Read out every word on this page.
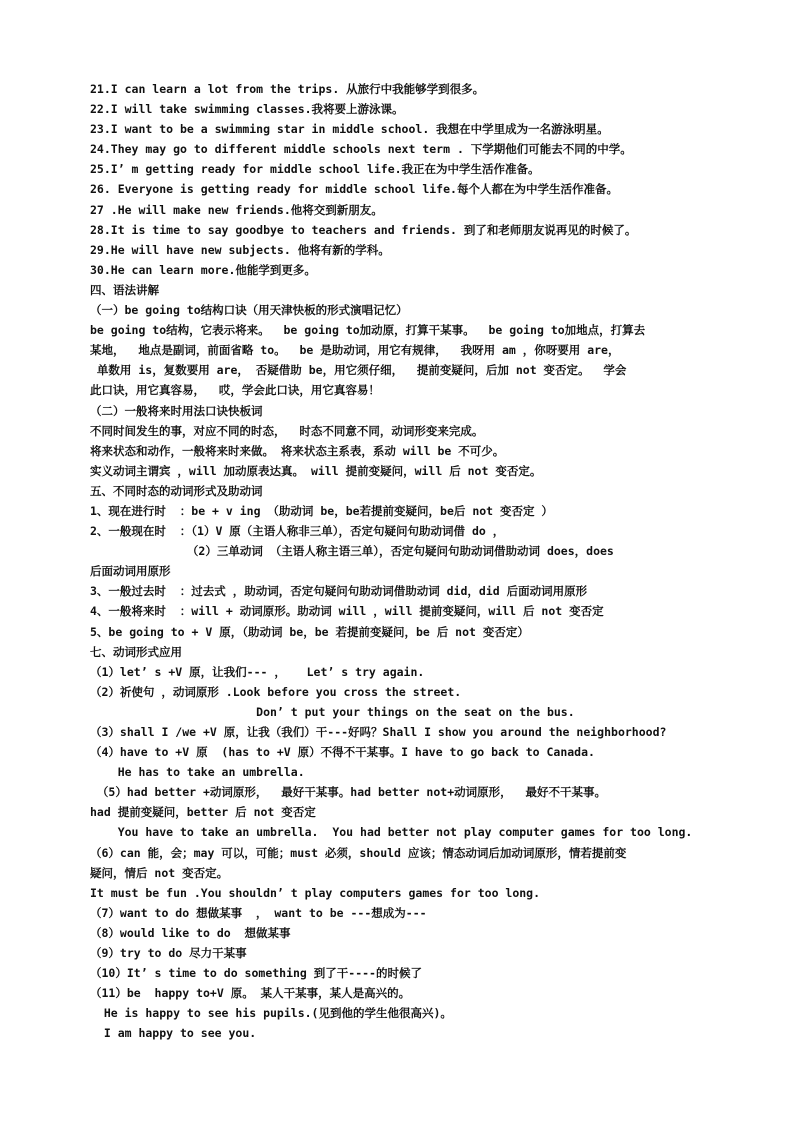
21.I can learn a lot from the trips. 从旅行中我能够学到很多。
22.I will take swimming classes.我将要上游泳课。
23.I want to be a swimming star in middle school. 我想在中学里成为一名游泳明星。
24.They may go to different middle schools next term . 下学期他们可能去不同的中学。
25.I’ m getting ready for middle school life.我正在为中学生活作准备。
26. Everyone is getting ready for middle school life.每个人都在为中学生活作准备。
27 .He will make new friends.他将交到新朋友。
28.It is time to say goodbye to teachers and friends. 到了和老师朋友说再见的时候了。
29.He will have new subjects. 他将有新的学科。
30.He can learn more.他能学到更多。
四、语法讲解
（一）be going to结构口诀（用天津快板的形式演唱记忆）
be going to结构，它表示将来。  be going to加动原，打算干某事。  be going to加地点，打算去
某地，  地点是副词，前面省略 to。  be 是助动词，用它有规律，  我呀用 am ，你呀要用 are，
单数用 is，复数要用 are， 否疑借助 be，用它须仔细，  提前变疑问，后加 not 变否定。  学会
此口诀，用它真容易，  哎，学会此口诀，用它真容易！
（二）一般将来时用法口诀快板词
不同时间发生的事，对应不同的时态，  时态不同意不同，动词形变来完成。
将来状态和动作，一般将来时来做。 将来状态主系表，系动 will be 不可少。
实义动词主谓宾 ，will 加动原表达真。 will 提前变疑问，will 后 not 变否定。
五、不同时态的动词形式及助动词
1、现在进行时  ：be + v ing （助动词 be，be若提前变疑问，be后 not 变否定 ）
2、一般现在时  ：（1）V 原（主语人称非三单），否定句疑问句助动词借 do ，
（2）三单动词 （主语人称主语三单），否定句疑问句助动词借助动词 does，does
后面动词用原形
3、一般过去时  ：过去式 ，助动词，否定句疑问句助动词借助动词 did，did 后面动词用原形
4、一般将来时  ：will + 动词原形。助动词 will ，will 提前变疑问，will 后 not 变否定
5、be going to + V 原，（助动词 be，be 若提前变疑问，be 后 not 变否定）
七、动词形式应用
（1）let’ s +V 原，让我们--- ，   Let’ s try again.
（2）祈使句 ，动词原形 .Look before you cross the street.
Don’ t put your things on the seat on the bus.
（3）shall I /we +V 原，让我（我们）干---好吗？Shall I show you around the neighborhood?
（4）have to +V 原  (has to +V 原）不得不干某事。I have to go back to Canada.
He has to take an umbrella.
（5）had better +动词原形，  最好干某事。had better not+动词原形，  最好不干某事。
had 提前变疑问，better 后 not 变否定
You have to take an umbrella.  You had better not play computer games for too long.
（6）can 能，会；may 可以，可能；must 必须，should 应该；情态动词后加动词原形，情若提前变
疑问，情后 not 变否定。
It must be fun .You shouldn’ t play computers games for too long.
（7）want to do 想做某事  ， want to be ---想成为---
（8）would like to do  想做某事
（9）try to do 尽力干某事
（10）It’ s time to do something 到了干----的时候了
（11）be  happy to+V 原。 某人干某事，某人是高兴的。
He is happy to see his pupils.(见到他的学生他很高兴)。
I am happy to see you.
